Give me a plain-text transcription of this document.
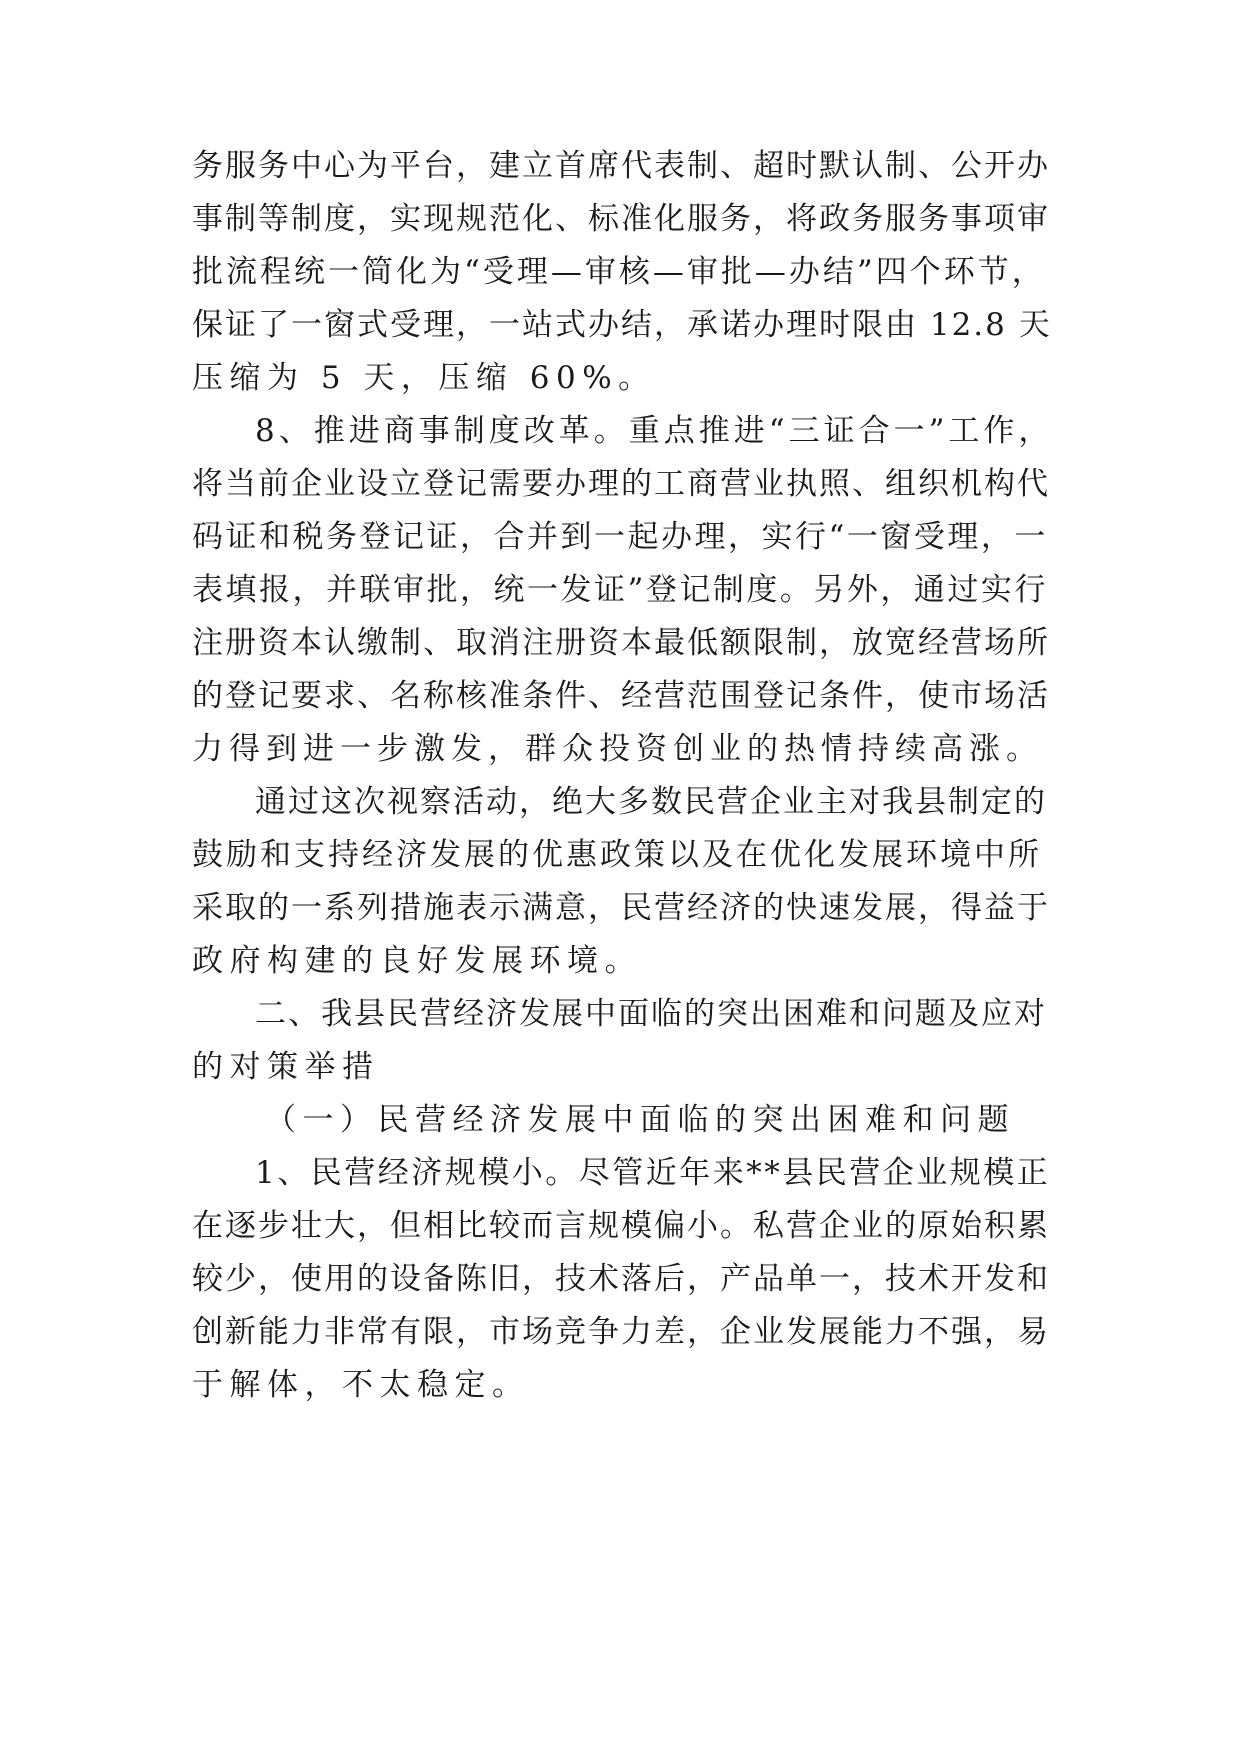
务服务中心为平台，建立首席代表制、超时默认制、公开办
事制等制度，实现规范化、标准化服务，将政务服务事项审
批流程统一简化为“受理—审核—审批—办结”四个环节，
保证了一窗式受理，一站式办结，承诺办理时限由 12.8 天
压缩为 5 天，压缩 60%。
8、推进商事制度改革。重点推进“三证合一”工作，
将当前企业设立登记需要办理的工商营业执照、组织机构代
码证和税务登记证，合并到一起办理，实行“一窗受理，一
表填报，并联审批，统一发证”登记制度。另外，通过实行
注册资本认缴制、取消注册资本最低额限制，放宽经营场所
的登记要求、名称核准条件、经营范围登记条件，使市场活
力得到进一步激发，群众投资创业的热情持续高涨。
通过这次视察活动，绝大多数民营企业主对我县制定的
鼓励和支持经济发展的优惠政策以及在优化发展环境中所
采取的一系列措施表示满意，民营经济的快速发展，得益于
政府构建的良好发展环境。
二、我县民营经济发展中面临的突出困难和问题及应对
的对策举措
（一）民营经济发展中面临的突出困难和问题
1、民营经济规模小。尽管近年来**县民营企业规模正
在逐步壮大，但相比较而言规模偏小。私营企业的原始积累
较少，使用的设备陈旧，技术落后，产品单一，技术开发和
创新能力非常有限，市场竞争力差，企业发展能力不强，易
于解体，不太稳定。
